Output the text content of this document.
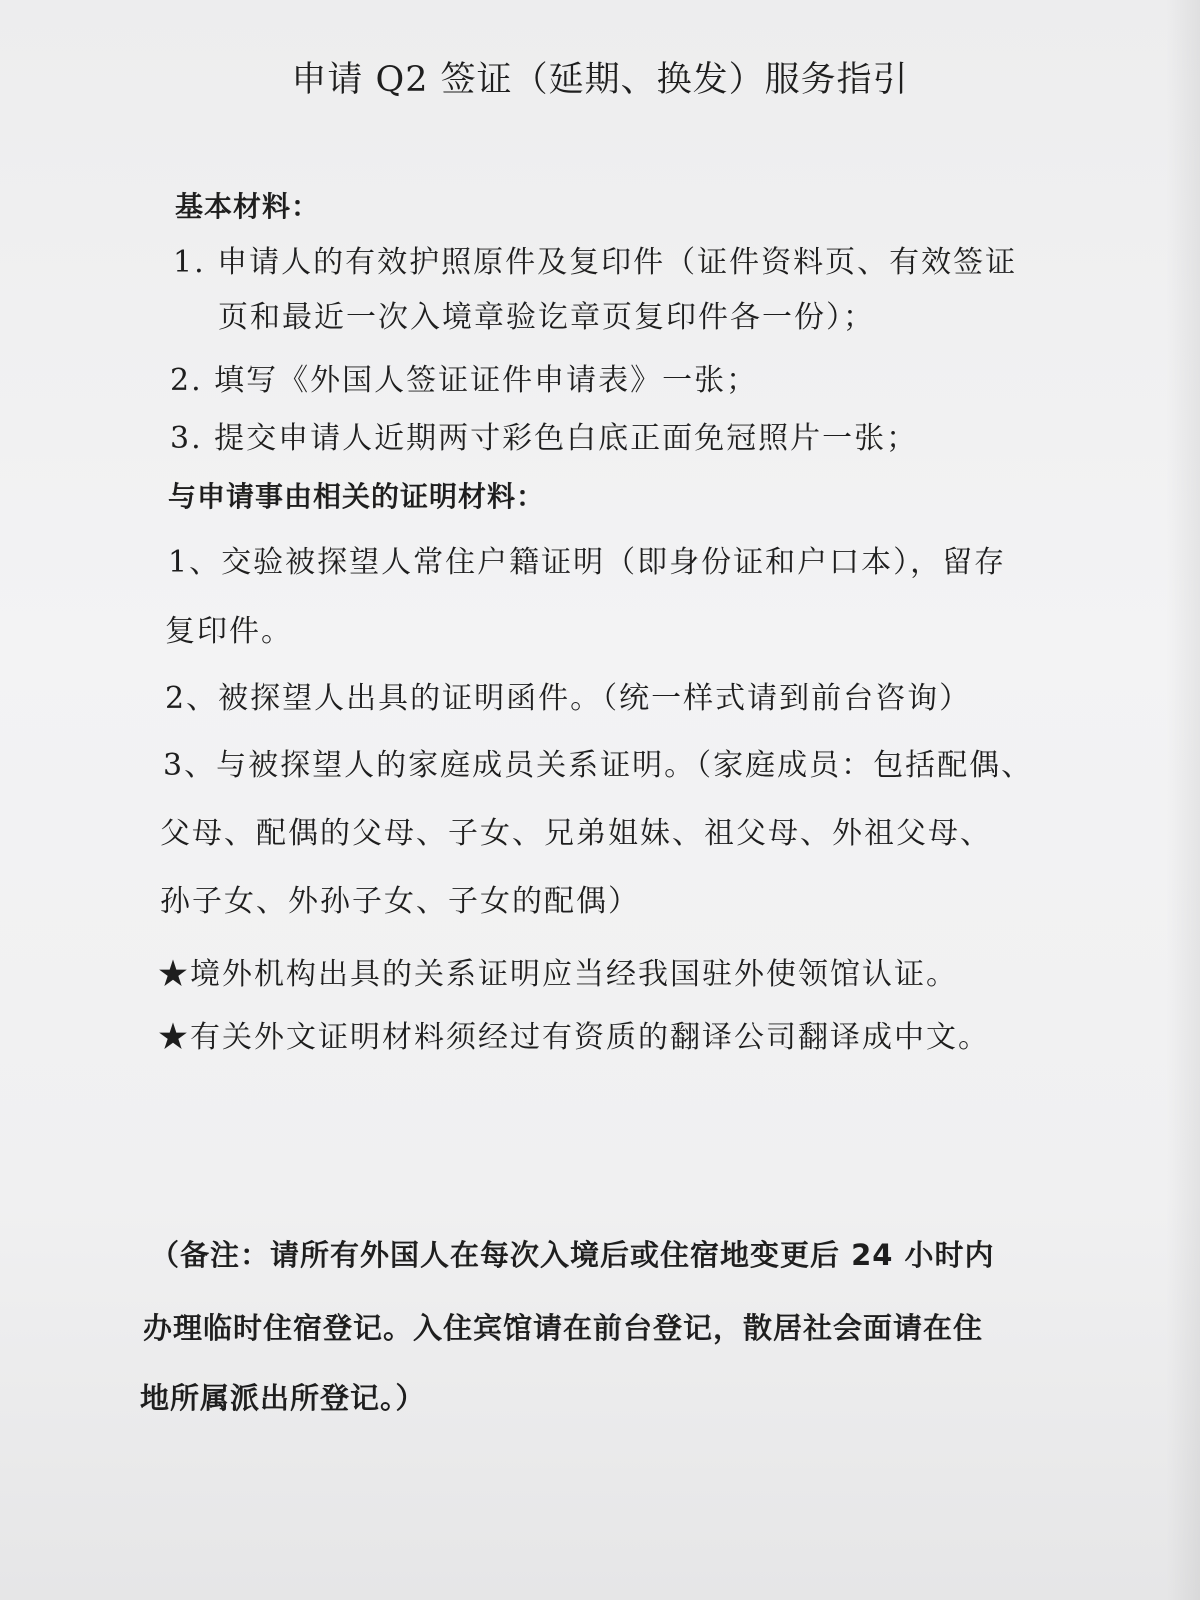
申请 Q2 签证（延期、换发）服务指引
基本材料：
1. 申请人的有效护照原件及复印件（证件资料页、有效签证
页和最近一次入境章验讫章页复印件各一份）；
2. 填写《外国人签证证件申请表》一张；
3. 提交申请人近期两寸彩色白底正面免冠照片一张；
与申请事由相关的证明材料：
1、交验被探望人常住户籍证明（即身份证和户口本），留存
复印件。
2、被探望人出具的证明函件。（统一样式请到前台咨询）
3、与被探望人的家庭成员关系证明。（家庭成员：包括配偶、
父母、配偶的父母、子女、兄弟姐妹、祖父母、外祖父母、
孙子女、外孙子女、子女的配偶）
★境外机构出具的关系证明应当经我国驻外使领馆认证。
★有关外文证明材料须经过有资质的翻译公司翻译成中文。
（备注：请所有外国人在每次入境后或住宿地变更后 24 小时内
办理临时住宿登记。入住宾馆请在前台登记，散居社会面请在住
地所属派出所登记。）
